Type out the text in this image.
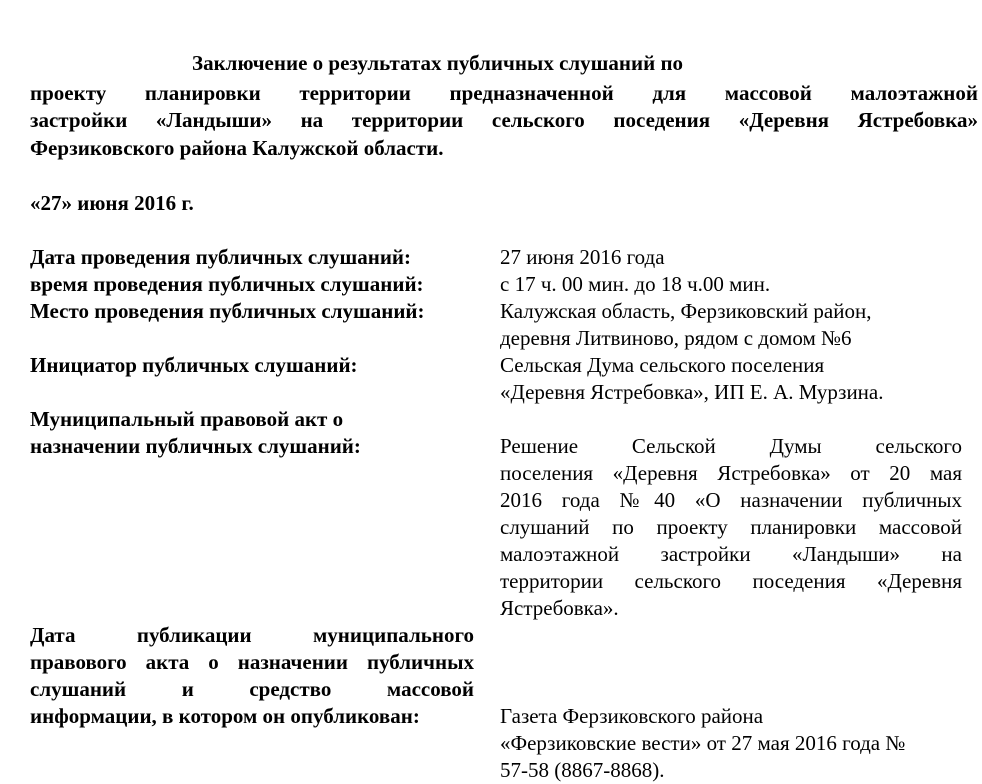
Заключение о результатах публичных слушаний по
проекту планировки территории предназначенной для массовой малоэтажной
застройки «Ландыши» на территории сельского поседения «Деревня Ястребовка»
Ферзиковского района Калужской области.
«27» июня 2016 г.
Дата проведения публичных слушаний:	27 июня 2016 года
время проведения публичных слушаний:	с 17 ч. 00 мин. до 18 ч.00 мин.
Место проведения публичных слушаний:	Калужская область, Ферзиковский район,
деревня Литвиново, рядом с домом №6
Инициатор публичных слушаний:	Сельская Дума сельского поселения
«Деревня Ястребовка», ИП Е. А. Мурзина.
Муниципальный правовой акт о
назначении публичных слушаний:	Решение Сельской Думы сельского
поселения «Деревня Ястребовка» от 20 мая
2016 года №40 «О назначении публичных
слушаний по проекту планировки массовой
малоэтажной застройки «Ландыши» на
территории сельского поседения «Деревня
Ястребовка».
Дата публикации муниципального
правового акта о назначении публичных
слушаний и средство массовой
информации, в котором он опубликован:	Газета Ферзиковского района
«Ферзиковские вести» от 27 мая 2016 года №
57-58 (8867-8868).
